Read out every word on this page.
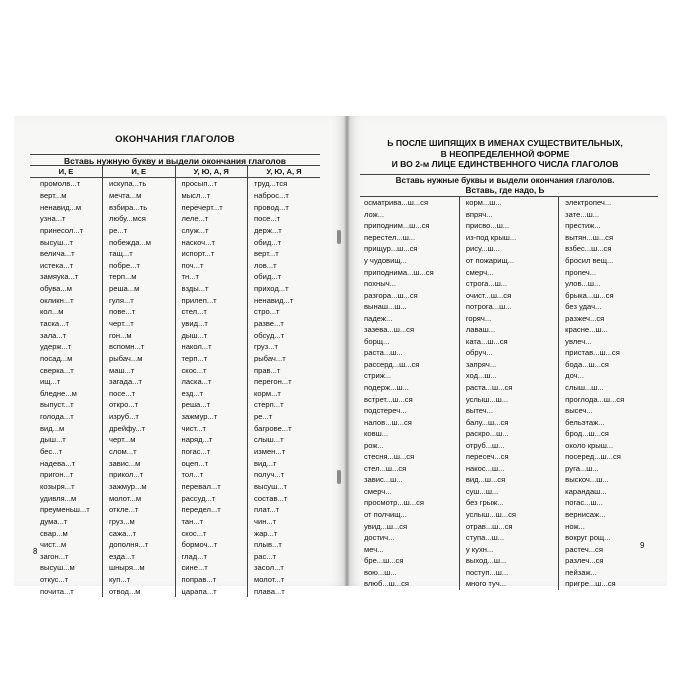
ОКОНЧАНИЯ ГЛАГОЛОВ
Вставь нужную букву и выдели окончания глаголов
И, Е	И, Е	У, Ю, А, Я	У, Ю, А, Я
промолв...т	искупа...ть	просып...т	труд...тся
верт...м	мечта...м	мысл...т	наброс...т
ненавид...м	взбира...ть	перечерт...т	провод...т
узна...т	любу...мся	леле...т	посе...т
принесол...т	ре...т	служ...т	держ...т
высуш...т	побежда...м	наскоч...т	обид...т
велича...т	тащ...т	испорт...т	верт...т
истека...т	побре...т	поч...т	лов...т
замяука...т	терп...м	тн...т	обид...т
обува...м	реша...м	взды...т	приход...т
окликн...т	гуля...т	прилеп...т	ненавид...т
кол...м	пове...т	стел...т	стро...т
таска...т	черт...т	увид...т	разве...т
зала...т	гон...м	дыш...т	обсуд...т
удерж...т	вспомн...т	накол...т	груз...т
посад...м	рыбач...м	терп...т	рыбач...т
сверка...т	маш...т	скос...т	прав...т
ищ...т	загада...т	ласка...т	перегон...т
бледне...м	посе...т	езд...т	корм...т
выпуст...т	откро...т	реша...т	стерп...т
голода...т	изруб...т	зажмур...т	ре...т
вид...м	дрейфу...т	чист...т	багрове...т
дыш...т	черт...м	наряд...т	слыш...т
бес...т	слом...т	погас...т	измен...т
надева...т	завис...м	оцеп...т	вид...т
пригон...т	прикол...т	тол...т	получ...т
козыря...т	зажмур...м	перевал...т	высуш...т
удивля...м	молот...м	рассуд...т	состав...т
преуменьш...т	откле...т	передел...т	плат...т
дума...т	груз...м	тан...т	чин...т
свар...м	сажа...т	скос...т	жар...т
чист...м	дополня...т	бормоч...т	плыв...т
загон...т	езда...т	глад...т	рас...т
высуш...м	шныря...м	сине...т	засол...т
откус...т	куп...т	поправ...т	молот...т
почита...т	отвод...м	царапа...т	плава...т
8
Ь ПОСЛЕ ШИПЯЩИХ В ИМЕНАХ СУЩЕСТВИТЕЛЬНЫХ,
В НЕОПРЕДЕЛЕННОЙ ФОРМЕ
И ВО 2-м ЛИЦЕ ЕДИНСТВЕННОГО ЧИСЛА ГЛАГОЛОВ
Вставь нужные буквы и выдели окончания глаголов.
Вставь, где надо, Ь
осматрива...ш...ся	корм...ш...	электропеч...
лож...	впряч...	зате...ш...
приподним...ш...ся	присво...ш...	престиж...
перестел...ш...	из-под крыш...	вытян...ш...ся
прищур...ш...ся	рису...ш...	взбес...ш...ся
у чудовищ...	от пожарищ...	бросил вещ...
приподнима...ш...ся	смерч...	пропеч...
похныч...	строга...ш...	улов...ш...
разгора...ш...ся	очист...ш...ся	брыка...ш...ся
вынаш...ш...	потрога...ш...	без удач...
падеж...	горяч...	разжеч...ся
зазева...ш...ся	лаваш...	красне...ш...
борщ...	ката...ш...ся	увлеч...
раста...ш...	обруч...	пристав...ш...ся
рассерд...ш...ся	запряч...	бода...ш...ся
стриж...	ход...ш...	доч...
подерж...ш...	раста...ш...ся	слыш...ш...
встрет...ш...ся	услыш...ш...	проглода...ш...ся
подстереч...	вытеч...	высеч...
налов...ш...ся	балу...ш...ся	бельэтаж...
ковш...	раскро...ш...	брод...ш...ся
рож...	отруб...ш...	около крыш...
стесня...ш...ся	пересеч...ся	посеред...ш...ся
стел...ш...ся	накос...ш...	руга...ш...
завис...ш...	вид...ш...ся	выскоч...ш...
смерч...	суш...ш...	карандаш...
просмотр...ш...ся	без грыж...	погас...ш...
от полчищ...	услыш...ш...ся	вернисаж...
увид...ш...ся	отрав...ш...ся	нож...
достич...	ступа...ш...	вокруг рощ...
меч...	у кухн...	растеч...ся
бре...ш...ся	выход...ш...	разлеч...ся
вою...ш...	поступ...ш...	пейзаж...
влюб...ш...ся	много туч...	пригре...ш...ся
9
